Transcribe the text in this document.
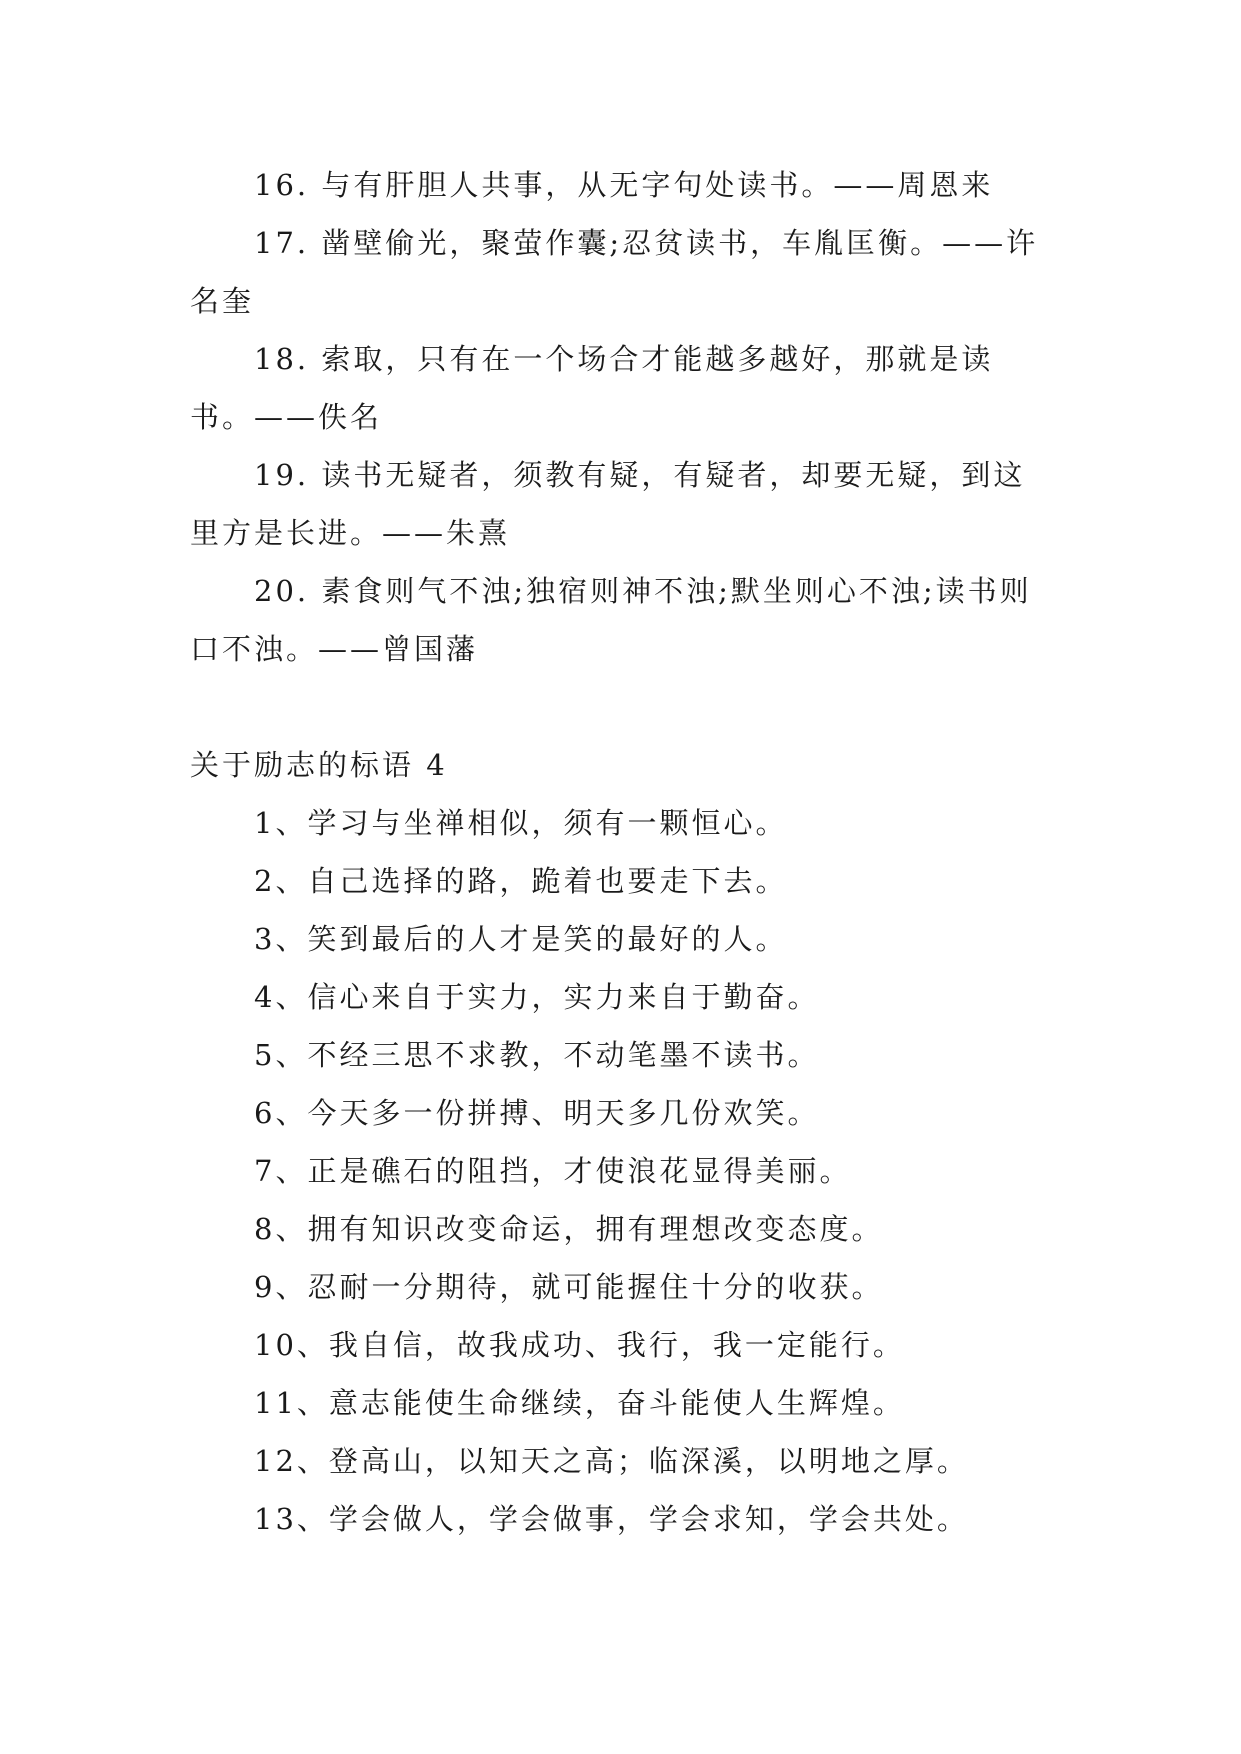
16. 与有肝胆人共事，从无字句处读书。——周恩来

17. 凿壁偷光，聚萤作囊;忍贫读书，车胤匡衡。——许名奎

18. 索取，只有在一个场合才能越多越好，那就是读书。——佚名

19. 读书无疑者，须教有疑，有疑者，却要无疑，到这里方是长进。——朱熹

20. 素食则气不浊;独宿则神不浊;默坐则心不浊;读书则口不浊。——曾国藩

关于励志的标语 4

1、学习与坐禅相似，须有一颗恒心。

2、自己选择的路，跪着也要走下去。

3、笑到最后的人才是笑的最好的人。

4、信心来自于实力，实力来自于勤奋。

5、不经三思不求教，不动笔墨不读书。

6、今天多一份拼搏、明天多几份欢笑。

7、正是礁石的阻挡，才使浪花显得美丽。

8、拥有知识改变命运，拥有理想改变态度。

9、忍耐一分期待，就可能握住十分的收获。

10、我自信，故我成功、我行，我一定能行。

11、意志能使生命继续，奋斗能使人生辉煌。

12、登高山，以知天之高；临深溪，以明地之厚。

13、学会做人，学会做事，学会求知，学会共处。
